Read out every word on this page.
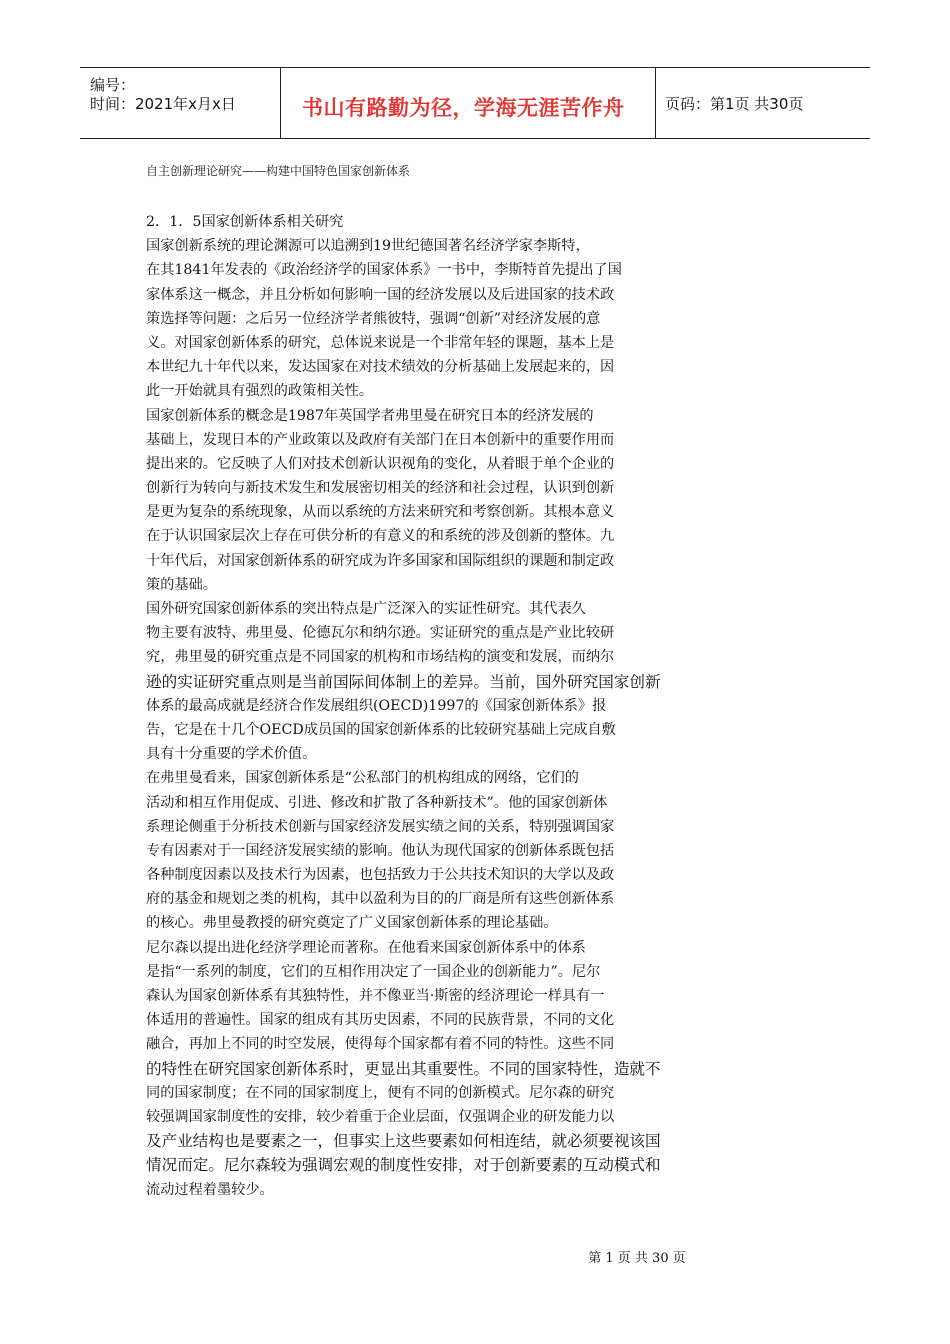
编号：
时间：2021年x月x日	书山有路勤为径，学海无涯苦作舟	页码：第1页 共30页
自主创新理论研究——构建中国特色国家创新体系
2．1．5国家创新体系相关研究
国家创新系统的理论渊源可以追溯到19世纪德国著名经济学家李斯特，
在其1841年发表的《政治经济学的国家体系》一书中，李斯特首先提出了国
家体系这一概念，并且分析如何影响一国的经济发展以及后进国家的技术政
策选择等问题：之后另一位经济学者熊彼特，强调“创新”对经济发展的意
义。对国家创新体系的研究，总体说来说是一个非常年轻的课题，基本上是
本世纪九十年代以来，发达国家在对技术绩效的分析基础上发展起来的，因
此一开始就具有强烈的政策相关性。
国家创新体系的概念是1987年英国学者弗里曼在研究日本的经济发展的
基础上，发现日本的产业政策以及政府有关部门在日本创新中的重要作用而
提出来的。它反映了人们对技术创新认识视角的变化，从着眼于单个企业的
创新行为转向与新技术发生和发展密切相关的经济和社会过程，认识到创新
是更为复杂的系统现象，从而以系统的方法来研究和考察创新。其根本意义
在于认识国家层次上存在可供分析的有意义的和系统的涉及创新的整体。九
十年代后，对国家创新体系的研究成为许多国家和国际组织的课题和制定政
策的基础。
国外研究国家创新体系的突出特点是广泛深入的实证性研究。其代表久
物主要有波特、弗里曼、伦德瓦尔和纳尔逊。实证研究的重点是产业比较研
究，弗里曼的研究重点是不同国家的机构和市场结构的演变和发展，而纳尔
逊的实证研究重点则是当前国际间体制上的差异。当前，国外研究国家创新
体系的最高成就是经济合作发展组织(OECD)1997的《国家创新体系》报
告，它是在十几个OECD成员国的国家创新体系的比较研究基础上完成自敷
具有十分重要的学术价值。
在弗里曼看来，国家创新体系是“公私部门的机构组成的网络，它们的
活动和相互作用促成、引进、修改和扩散了各种新技术”。他的国家创新体
系理论侧重于分析技术创新与国家经济发展实绩之间的关系，特别强调国家
专有因素对于一国经济发展实绩的影响。他认为现代国家的创新体系既包括
各种制度因素以及技术行为因素，也包括致力于公共技术知识的大学以及政
府的基金和规划之类的机构，其中以盈利为目的的厂商是所有这些创新体系
的核心。弗里曼教授的研究奠定了广义国家创新体系的理论基础。
尼尔森以提出进化经济学理论而著称。在他看来国家创新体系中的体系
是指“一系列的制度，它们的互相作用决定了一国企业的创新能力”。尼尔
森认为国家创新体系有其独特性，并不像亚当·斯密的经济理论一样具有一
体适用的普遍性。国家的组成有其历史因素，不同的民族背景，不同的文化
融合，再加上不同的时空发展，使得每个国家都有着不同的特性。这些不同
的特性在研究国家创新体系时，更显出其重要性。不同的国家特性，造就不
同的国家制度；在不同的国家制度上，便有不同的创新模式。尼尔森的研究
较强调国家制度性的安排，较少着重于企业层面，仅强调企业的研发能力以
及产业结构也是要素之一，但事实上这些要素如何相连结，就必须要视该国
情况而定。尼尔森较为强调宏观的制度性安排，对于创新要素的互动模式和
流动过程着墨较少。
第 1 页 共 30 页
